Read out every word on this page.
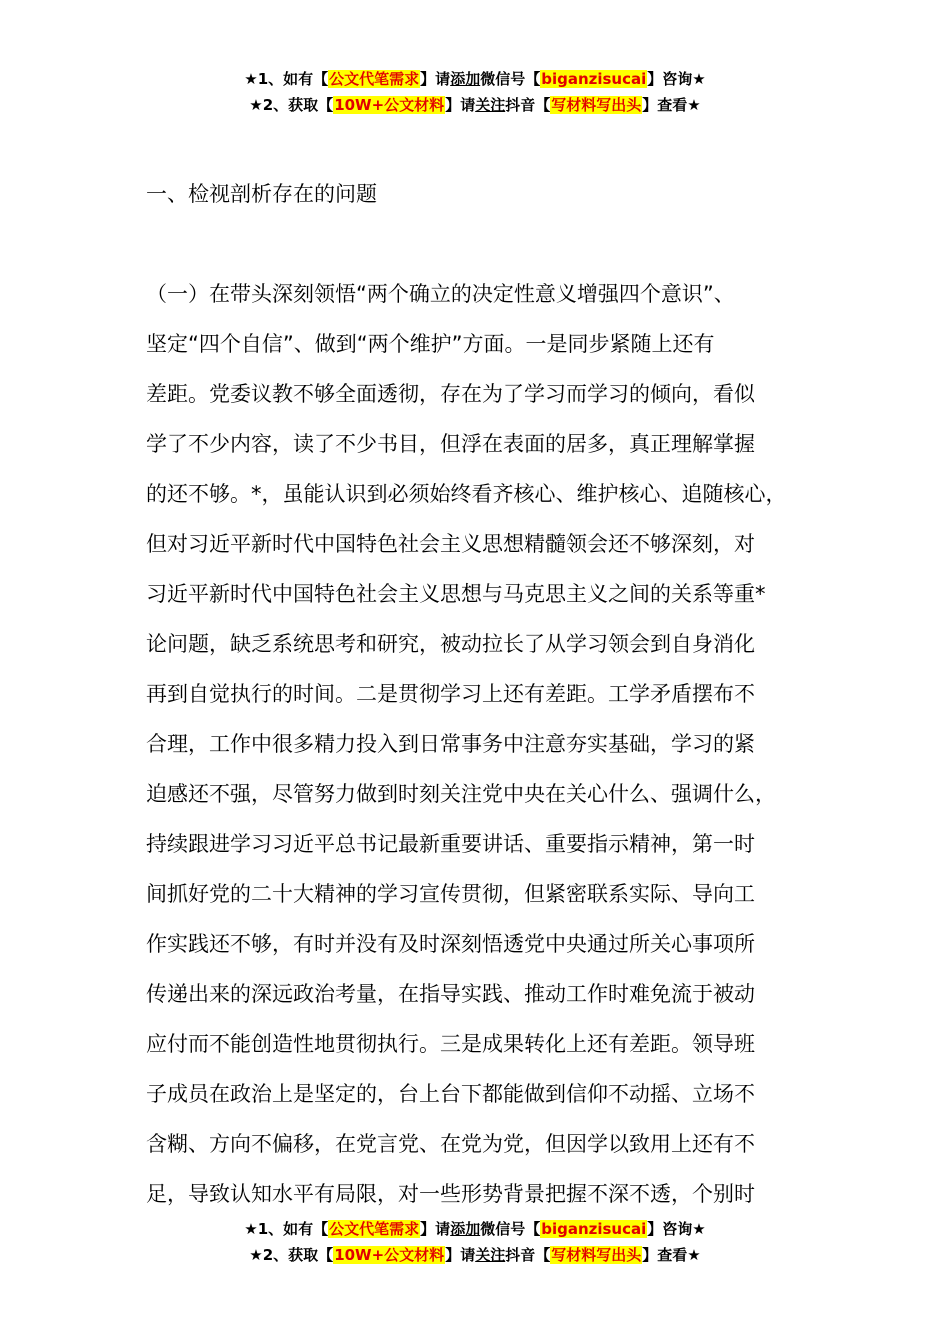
★1、如有【公文代笔需求】请添加微信号【biganzisucai】咨询★
★2、获取【10W+公文材料】请关注抖音【写材料写出头】查看★
一、检视剖析存在的问题
（一）在带头深刻领悟“两个确立的决定性意义增强四个意识”、
坚定“四个自信”、做到“两个维护”方面。一是同步紧随上还有
差距。党委议教不够全面透彻，存在为了学习而学习的倾向，看似
学了不少内容，读了不少书目，但浮在表面的居多，真正理解掌握
的还不够。*，虽能认识到必须始终看齐核心、维护核心、追随核心，
但对习近平新时代中国特色社会主义思想精髓领会还不够深刻，对
习近平新时代中国特色社会主义思想与马克思主义之间的关系等重*
论问题，缺乏系统思考和研究，被动拉长了从学习领会到自身消化
再到自觉执行的时间。二是贯彻学习上还有差距。工学矛盾摆布不
合理，工作中很多精力投入到日常事务中注意夯实基础，学习的紧
迫感还不强，尽管努力做到时刻关注党中央在关心什么、强调什么，
持续跟进学习习近平总书记最新重要讲话、重要指示精神，第一时
间抓好党的二十大精神的学习宣传贯彻，但紧密联系实际、导向工
作实践还不够，有时并没有及时深刻悟透党中央通过所关心事项所
传递出来的深远政治考量，在指导实践、推动工作时难免流于被动
应付而不能创造性地贯彻执行。三是成果转化上还有差距。领导班
子成员在政治上是坚定的，台上台下都能做到信仰不动摇、立场不
含糊、方向不偏移，在党言党、在党为党，但因学以致用上还有不
足，导致认知水平有局限，对一些形势背景把握不深不透，个别时
★1、如有【公文代笔需求】请添加微信号【biganzisucai】咨询★
★2、获取【10W+公文材料】请关注抖音【写材料写出头】查看★
